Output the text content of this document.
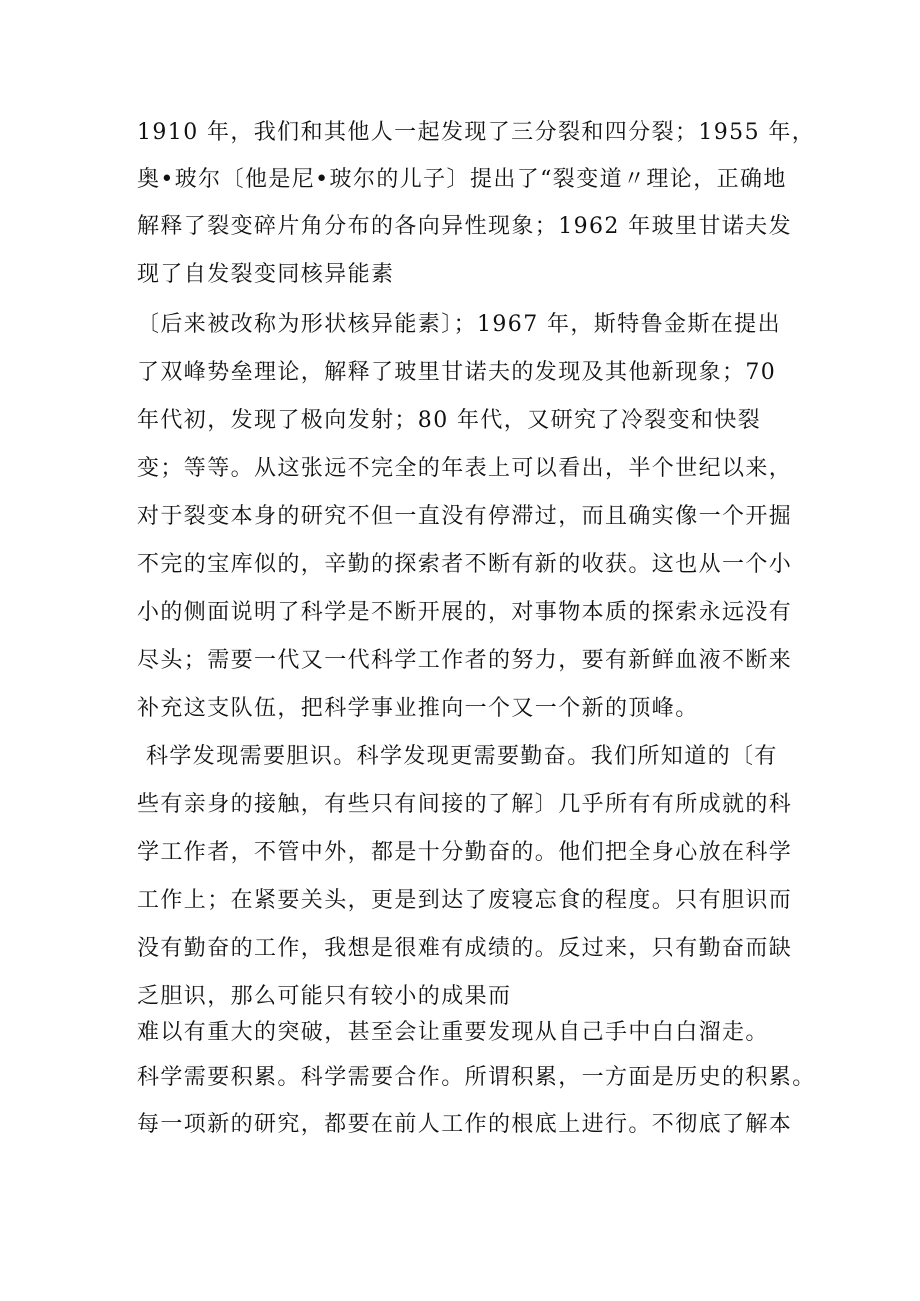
1910 年，我们和其他人一起发现了三分裂和四分裂；1955 年，
奥•玻尔〔他是尼•玻尔的儿子〕提出了“裂变道〃理论，正确地
解释了裂变碎片角分布的各向异性现象；1962 年玻里甘诺夫发
现了自发裂变同核异能素
〔后来被改称为形状核异能素〕；1967 年，斯特鲁金斯在提出
了双峰势垒理论，解释了玻里甘诺夫的发现及其他新现象；70
年代初，发现了极向发射；80 年代，又研究了冷裂变和快裂
变；等等。从这张远不完全的年表上可以看出，半个世纪以来，
对于裂变本身的研究不但一直没有停滞过，而且确实像一个开掘
不完的宝库似的，辛勤的探索者不断有新的收获。这也从一个小
小的侧面说明了科学是不断开展的，对事物本质的探索永远没有
尽头；需要一代又一代科学工作者的努力，要有新鲜血液不断来
补充这支队伍，把科学事业推向一个又一个新的顶峰。
科学发现需要胆识。科学发现更需要勤奋。我们所知道的〔有
些有亲身的接触，有些只有间接的了解〕几乎所有有所成就的科
学工作者，不管中外，都是十分勤奋的。他们把全身心放在科学
工作上；在紧要关头，更是到达了废寝忘食的程度。只有胆识而
没有勤奋的工作，我想是很难有成绩的。反过来，只有勤奋而缺
乏胆识，那么可能只有较小的成果而
难以有重大的突破，甚至会让重要发现从自己手中白白溜走。
科学需要积累。科学需要合作。所谓积累，一方面是历史的积累。
每一项新的研究，都要在前人工作的根底上进行。不彻底了解本
